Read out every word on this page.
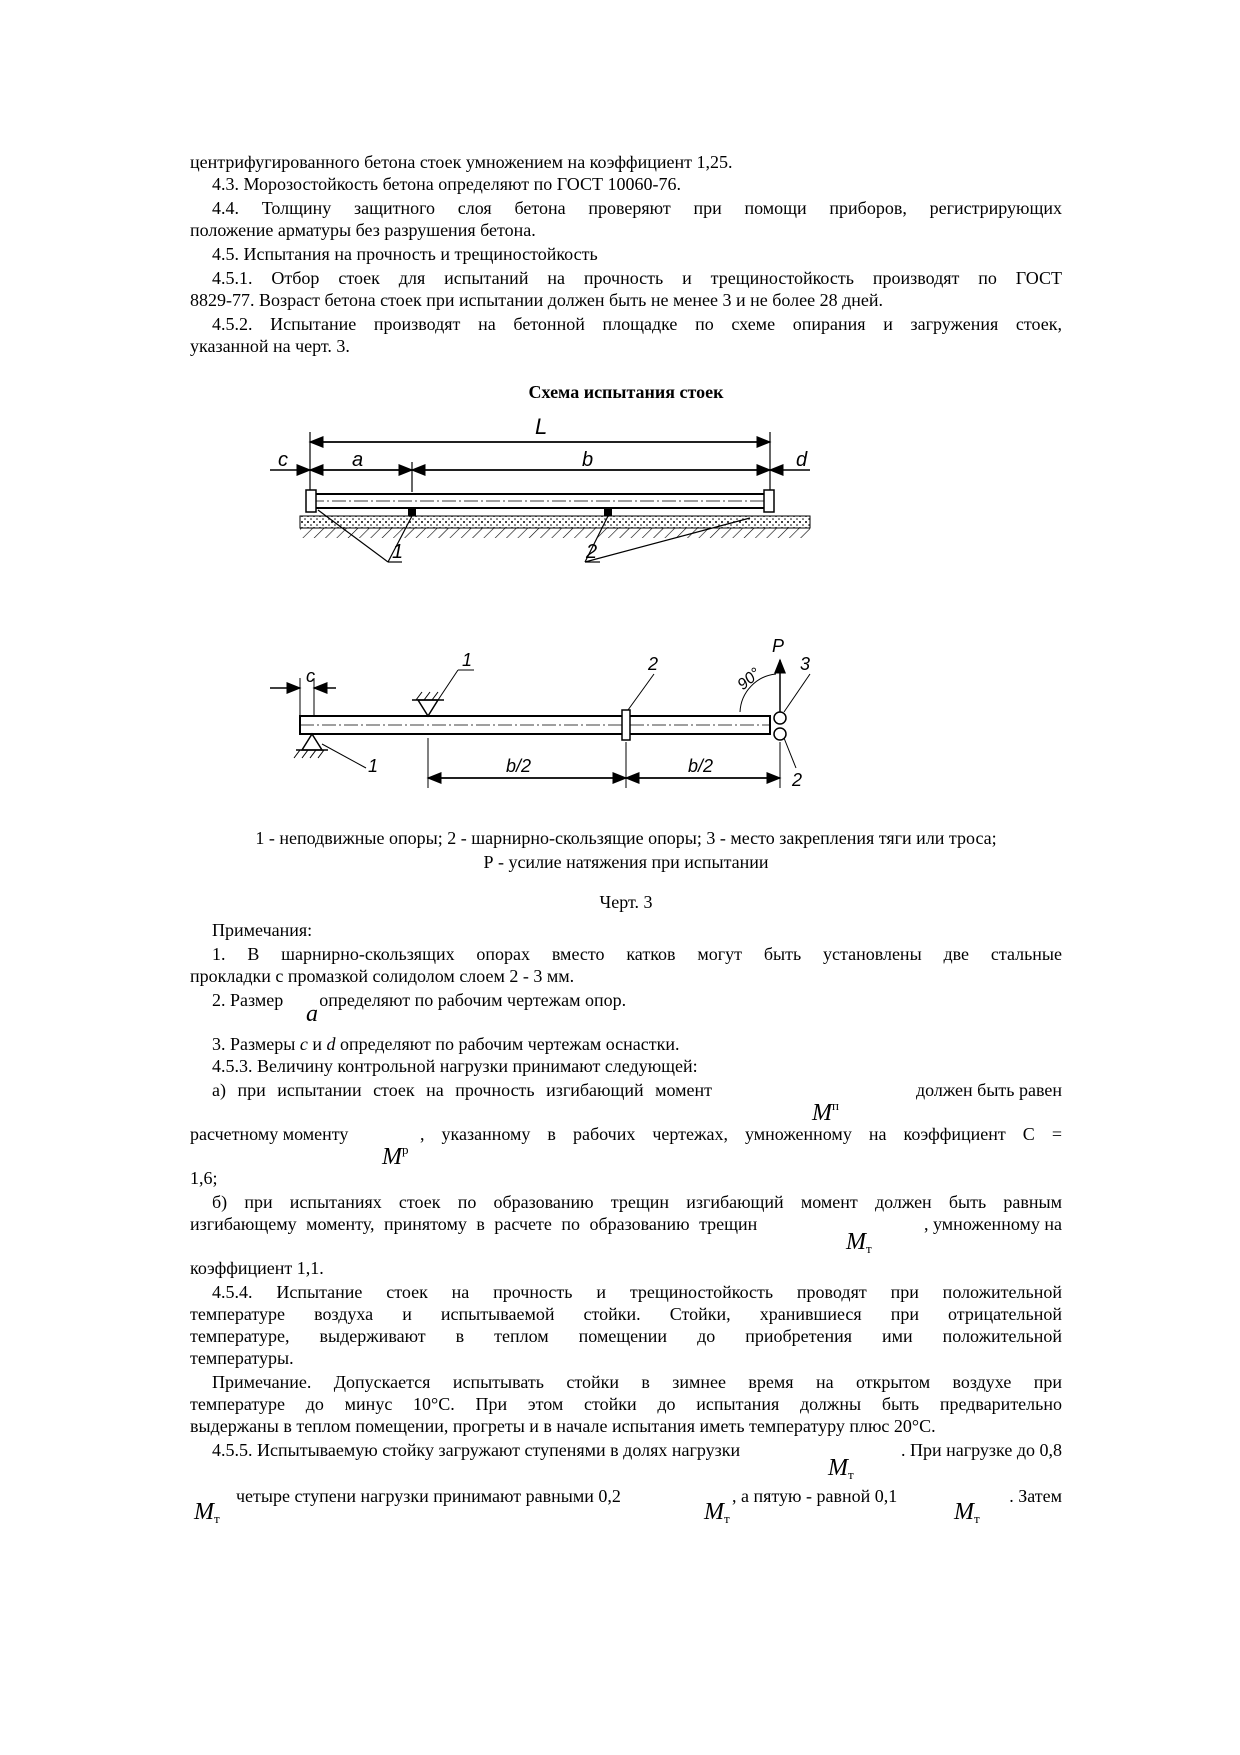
центрифугированного бетона стоек умножением на коэффициент 1,25.
4.3. Морозостойкость бетона определяют по ГОСТ 10060-76.
4.4. Толщину защитного слоя бетона проверяют при помощи приборов, регистрирующих
положение арматуры без разрушения бетона.
4.5. Испытания на прочность и трещиностойкость
4.5.1. Отбор стоек для испытаний на прочность и трещиностойкость производят по ГОСТ
8829-77. Возраст бетона стоек при испытании должен быть не менее 3 и не более 28 дней.
4.5.2. Испытание производят на бетонной площадке по схеме опирания и загружения стоек,
указанной на черт. 3.
Схема испытания стоек
L
c	a	b	d
1	2
c
1
1	2
P
90°
3
2
b/2	b/2
1 - неподвижные опоры; 2 - шарнирно-скользящие опоры; 3 - место закрепления тяги или троса;
Р - усилие натяжения при испытании
Черт. 3
Примечания:
1. В шарнирно-скользящих опорах вместо катков могут быть установлены две стальные
прокладки с промазкой солидолом слоем 2 - 3 мм.
2. Размер определяют по рабочим чертежам опор.
a
3. Размеры c и d определяют по рабочим чертежам оснастки.
4.5.3. Величину контрольной нагрузки принимают следующей:
а) при испытании стоек на прочность изгибающий момент	должен быть равен
$M^п$
расчетному моменту	, указанному в рабочих чертежах, умноженному на коэффициент С =
$M^р$
1,6;
б) при испытаниях стоек по образованию трещин изгибающий момент должен быть равным
изгибающему моменту, принятому в расчете по образованию трещин	, умноженному на
$M_т$
коэффициент 1,1.
4.5.4. Испытание стоек на прочность и трещиностойкость проводят при положительной
температуре воздуха и испытываемой стойки. Стойки, хранившиеся при отрицательной
температуре, выдерживают в теплом помещении до приобретения ими положительной
температуры.
Примечание. Допускается испытывать стойки в зимнее время на открытом воздухе при
температуре до минус 10°С. При этом стойки до испытания должны быть предварительно
выдержаны в теплом помещении, прогреты и в начале испытания иметь температуру плюс 20°С.
4.5.5. Испытываемую стойку загружают ступенями в долях нагрузки	. При нагрузке до 0,8
$M_т$
четыре ступени нагрузки принимают равными 0,2	, а пятую - равной 0,1	. Затем
$M_т$	$M_т$	$M_т$
